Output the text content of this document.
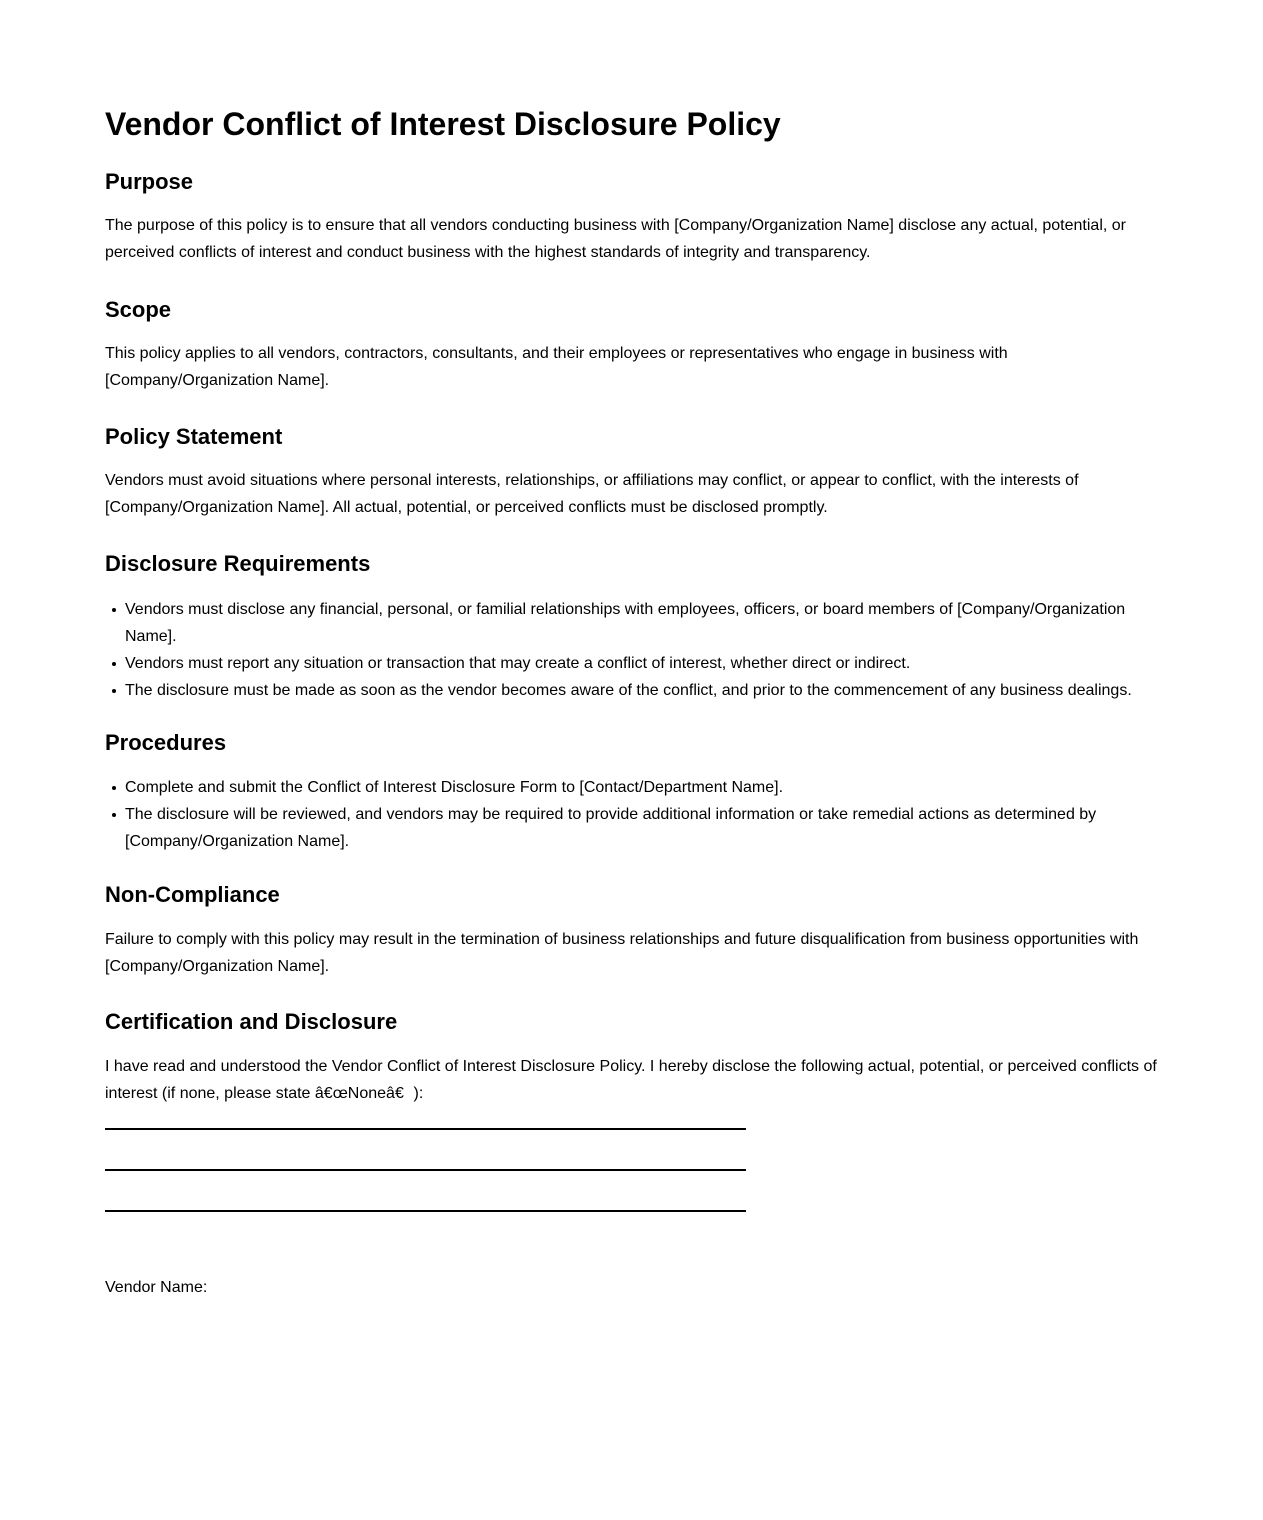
Vendor Conflict of Interest Disclosure Policy
Purpose

The purpose of this policy is to ensure that all vendors conducting business with [Company/Organization Name] disclose any actual, potential, or perceived conflicts of interest and conduct business with the highest standards of integrity and transparency.

Scope

This policy applies to all vendors, contractors, consultants, and their employees or representatives who engage in business with [Company/Organization Name].

Policy Statement

Vendors must avoid situations where personal interests, relationships, or affiliations may conflict, or appear to conflict, with the interests of [Company/Organization Name]. All actual, potential, or perceived conflicts must be disclosed promptly.

Disclosure Requirements
Vendors must disclose any financial, personal, or familial relationships with employees, officers, or board members of [Company/Organization Name].
Vendors must report any situation or transaction that may create a conflict of interest, whether direct or indirect.
The disclosure must be made as soon as the vendor becomes aware of the conflict, and prior to the commencement of any business dealings.
Procedures
Complete and submit the Conflict of Interest Disclosure Form to [Contact/Department Name].
The disclosure will be reviewed, and vendors may be required to provide additional information or take remedial actions as determined by [Company/Organization Name].
Non-Compliance

Failure to comply with this policy may result in the termination of business relationships and future disqualification from business opportunities with [Company/Organization Name].

Certification and Disclosure

I have read and understood the Vendor Conflict of Interest Disclosure Policy. I hereby disclose the following actual, potential, or perceived conflicts of interest (if none, please state â€œNoneâ€):

Vendor Name:
